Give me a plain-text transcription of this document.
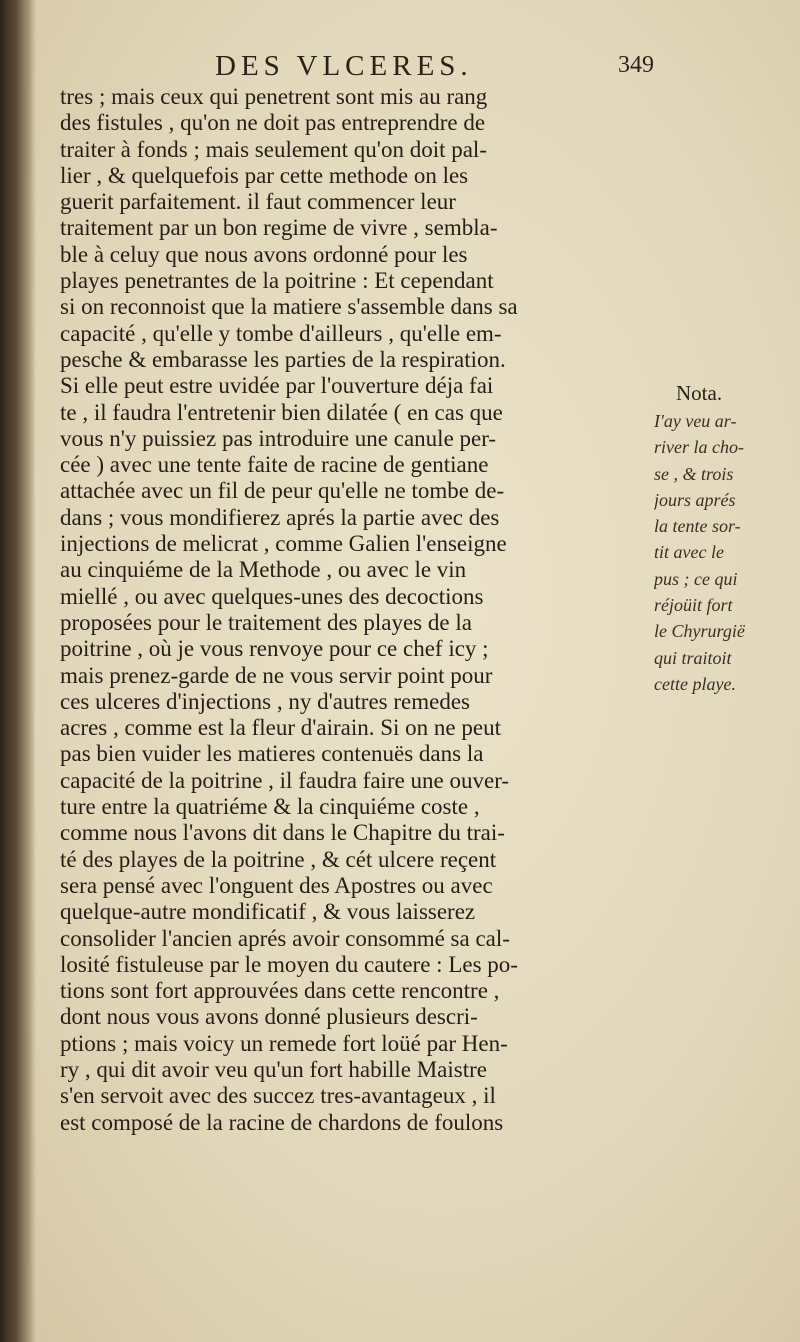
DES VLCERES.	349
tres ; mais ceux qui penetrent sont mis au rang
des fistules , qu'on ne doit pas entreprendre de
traiter à fonds ; mais seulement qu'on doit pal-
lier , & quelquefois par cette methode on les
guerit parfaitement. il faut commencer leur
traitement par un bon regime de vivre , sembla-
ble à celuy que nous avons ordonné pour les
playes penetrantes de la poitrine : Et cependant
si on reconnoist que la matiere s'assemble dans sa
capacité , qu'elle y tombe d'ailleurs , qu'elle em-
pesche & embarasse les parties de la respiration.
Si elle peut estre uvidée par l'ouverture déja fai
te , il faudra l'entretenir bien dilatée ( en cas que
vous n'y puissiez pas introduire une canule per-
cée ) avec une tente faite de racine de gentiane
attachée avec un fil de peur qu'elle ne tombe de-
dans ; vous mondifierez aprés la partie avec des
injections de melicrat , comme Galien l'enseigne
au cinquiéme de la Methode , ou avec le vin
miellé , ou avec quelques-unes des decoctions
proposées pour le traitement des playes de la
poitrine , où je vous renvoye pour ce chef icy ;
mais prenez-garde de ne vous servir point pour
ces ulceres d'injections , ny d'autres remedes
acres , comme est la fleur d'airain. Si on ne peut
pas bien vuider les matieres contenuës dans la
capacité de la poitrine , il faudra faire une ouver-
ture entre la quatriéme & la cinquiéme coste ,
comme nous l'avons dit dans le Chapitre du trai-
té des playes de la poitrine , & cét ulcere reçent
sera pensé avec l'onguent des Apostres ou avec
quelque-autre mondificatif , & vous laisserez
consolider l'ancien aprés avoir consommé sa cal-
losité fistuleuse par le moyen du cautere : Les po-
tions sont fort approuvées dans cette rencontre ,
dont nous vous avons donné plusieurs descri-
ptions ; mais voicy un remede fort loüé par Hen-
ry , qui dit avoir veu qu'un fort habille Maistre
s'en servoit avec des succez tres-avantageux , il
est composé de la racine de chardons de foulons
Nota.
I'ay veu ar-
river la cho-
se , & trois
jours aprés
la tente sor-
tit avec le
pus ; ce qui
réjoüit fort
le Chyrurgië
qui traitoit
cette playe.
